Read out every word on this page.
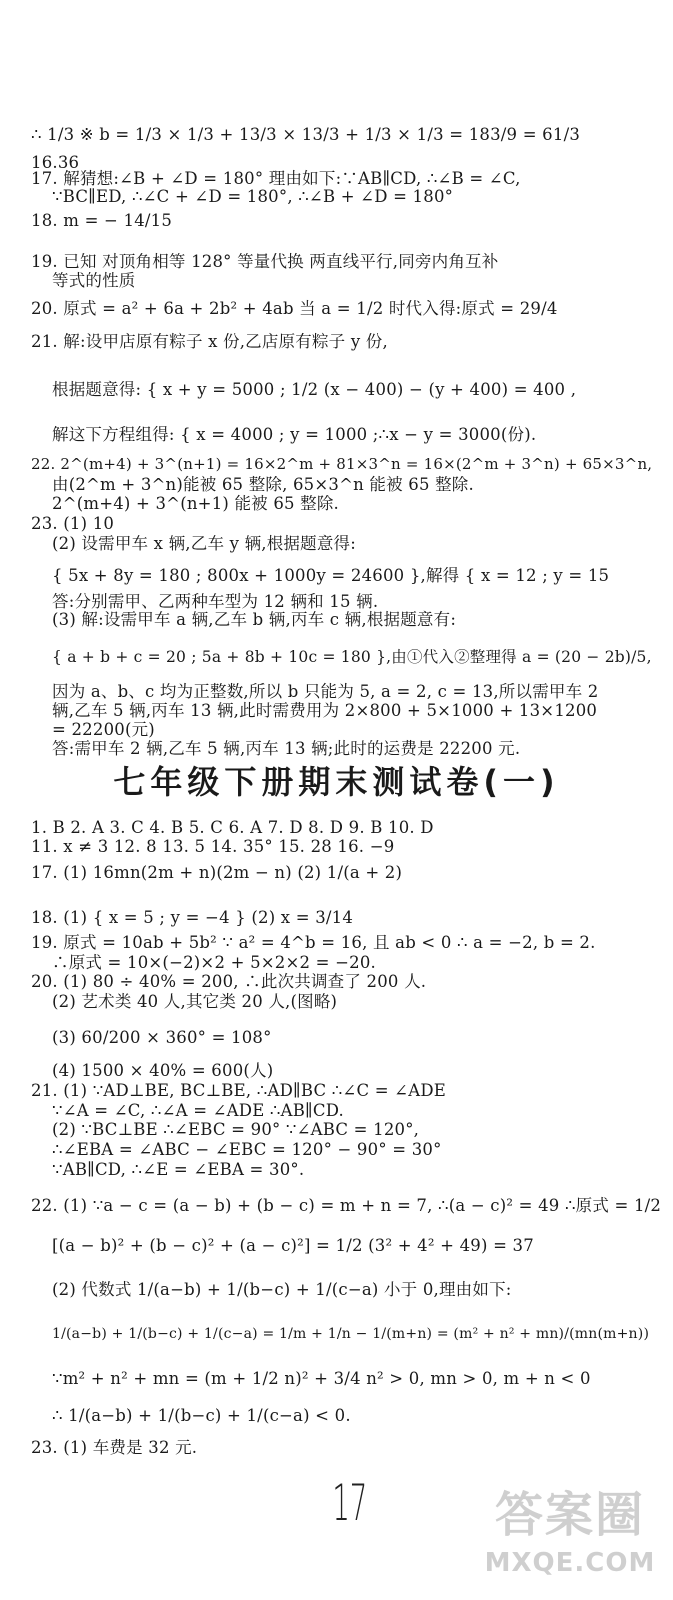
∴ 1/3 ※ b = 1/3 × 1/3 + 13/3 × 13/3 + 1/3 × 1/3 = 183/9 = 61/3
16.36
17. 解猜想:∠B + ∠D = 180° 理由如下:∵AB∥CD, ∴∠B = ∠C,
∵BC∥ED, ∴∠C + ∠D = 180°, ∴∠B + ∠D = 180°
18. m = − 14/15
19. 已知 对顶角相等 128° 等量代换 两直线平行,同旁内角互补
等式的性质
20. 原式 = a² + 6a + 2b² + 4ab 当 a = 1/2 时代入得:原式 = 29/4
21. 解:设甲店原有粽子 x 份,乙店原有粽子 y 份,
根据题意得: { x + y = 5000 ; 1/2 (x − 400) − (y + 400) = 400 ,
解这下方程组得: { x = 4000 ; y = 1000 ;∴x − y = 3000(份).
22. 2^(m+4) + 3^(n+1) = 16×2^m + 81×3^n = 16×(2^m + 3^n) + 65×3^n,
由(2^m + 3^n)能被 65 整除, 65×3^n 能被 65 整除.
2^(m+4) + 3^(n+1) 能被 65 整除.
23. (1) 10
(2) 设需甲车 x 辆,乙车 y 辆,根据题意得:
{ 5x + 8y = 180 ; 800x + 1000y = 24600 },解得 { x = 12 ; y = 15
答:分别需甲、乙两种车型为 12 辆和 15 辆.
(3) 解:设需甲车 a 辆,乙车 b 辆,丙车 c 辆,根据题意有:
{ a + b + c = 20 ; 5a + 8b + 10c = 180 },由①代入②整理得 a = (20 − 2b)/5,
因为 a、b、c 均为正整数,所以 b 只能为 5, a = 2, c = 13,所以需甲车 2
辆,乙车 5 辆,丙车 13 辆,此时需费用为 2×800 + 5×1000 + 13×1200
= 22200(元)
答:需甲车 2 辆,乙车 5 辆,丙车 13 辆;此时的运费是 22200 元.
七年级下册期末测试卷(一)
1. B 2. A 3. C 4. B 5. C 6. A 7. D 8. D 9. B 10. D
11. x ≠ 3 12. 8 13. 5 14. 35° 15. 28 16. −9
17. (1) 16mn(2m + n)(2m − n) (2) 1/(a + 2)
18. (1) { x = 5 ; y = −4 } (2) x = 3/14
19. 原式 = 10ab + 5b² ∵ a² = 4^b = 16, 且 ab < 0 ∴ a = −2, b = 2.
∴原式 = 10×(−2)×2 + 5×2×2 = −20.
20. (1) 80 ÷ 40% = 200, ∴此次共调查了 200 人.
(2) 艺术类 40 人,其它类 20 人,(图略)
(3) 60/200 × 360° = 108°
(4) 1500 × 40% = 600(人)
21. (1) ∵AD⊥BE, BC⊥BE, ∴AD∥BC ∴∠C = ∠ADE
∵∠A = ∠C, ∴∠A = ∠ADE ∴AB∥CD.
(2) ∵BC⊥BE ∴∠EBC = 90° ∵∠ABC = 120°,
∴∠EBA = ∠ABC − ∠EBC = 120° − 90° = 30°
∵AB∥CD, ∴∠E = ∠EBA = 30°.
22. (1) ∵a − c = (a − b) + (b − c) = m + n = 7, ∴(a − c)² = 49 ∴原式 = 1/2
[(a − b)² + (b − c)² + (a − c)²] = 1/2 (3² + 4² + 49) = 37
(2) 代数式 1/(a−b) + 1/(b−c) + 1/(c−a) 小于 0,理由如下:
1/(a−b) + 1/(b−c) + 1/(c−a) = 1/m + 1/n − 1/(m+n) = (m² + n² + mn)/(mn(m+n))
∵m² + n² + mn = (m + 1/2 n)² + 3/4 n² > 0, mn > 0, m + n < 0
∴ 1/(a−b) + 1/(b−c) + 1/(c−a) < 0.
23. (1) 车费是 32 元.
17	答案圈
MXQE.COM
